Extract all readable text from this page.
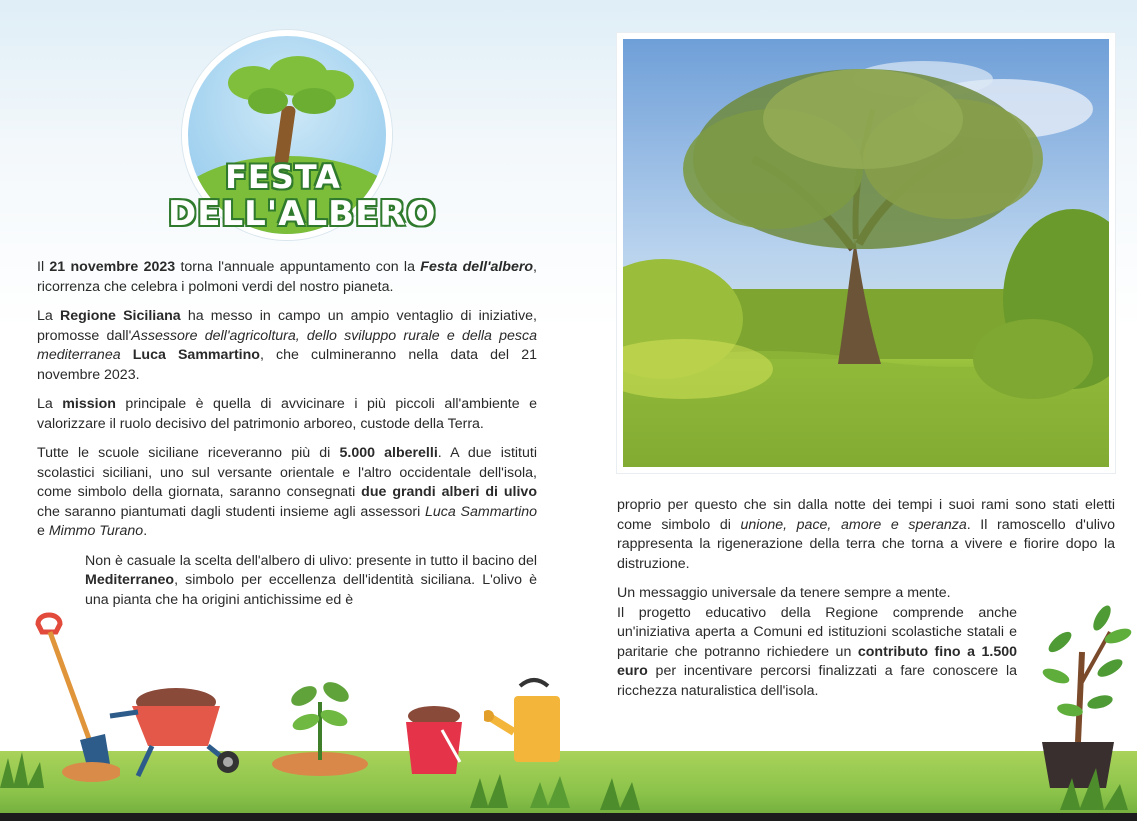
FESTA
DELL'ALBERO

Il 21 novembre 2023 torna l'annuale appuntamento con la Festa dell'albero, ricorrenza che celebra i polmoni verdi del nostro pianeta.

La Regione Siciliana ha messo in campo un ampio ventaglio di iniziative, promosse dall'Assessore dell'agricoltura, dello sviluppo rurale e della pesca mediterranea Luca Sammartino, che culmineranno nella data del 21 novembre 2023.

La mission principale è quella di avvicinare i più piccoli all'ambiente e valorizzare il ruolo decisivo del patrimonio arboreo, custode della Terra.

Tutte le scuole siciliane riceveranno più di 5.000 alberelli. A due istituti scolastici siciliani, uno sul versante orientale e l'altro occidentale dell'isola, come simbolo della giornata, saranno consegnati due grandi alberi di ulivo che saranno piantumati dagli studenti insieme agli assessori Luca Sammartino e Mimmo Turano.

Non è casuale la scelta dell'albero di ulivo: presente in tutto il bacino del Mediterraneo, simbolo per eccellenza dell'identità siciliana. L'olivo è una pianta che ha origini antichissime ed è

proprio per questo che sin dalla notte dei tempi i suoi rami sono stati eletti come simbolo di unione, pace, amore e speranza. Il ramoscello d'ulivo rappresenta la rigenerazione della terra che torna a vivere e fiorire dopo la distruzione.

Un messaggio universale da tenere sempre a mente.

Il progetto educativo della Regione comprende anche un'iniziativa aperta a Comuni ed istituzioni scolastiche statali e paritarie che potranno richiedere un contributo fino a 1.500 euro per incentivare percorsi finalizzati a fare conoscere la ricchezza naturalistica dell'isola.
